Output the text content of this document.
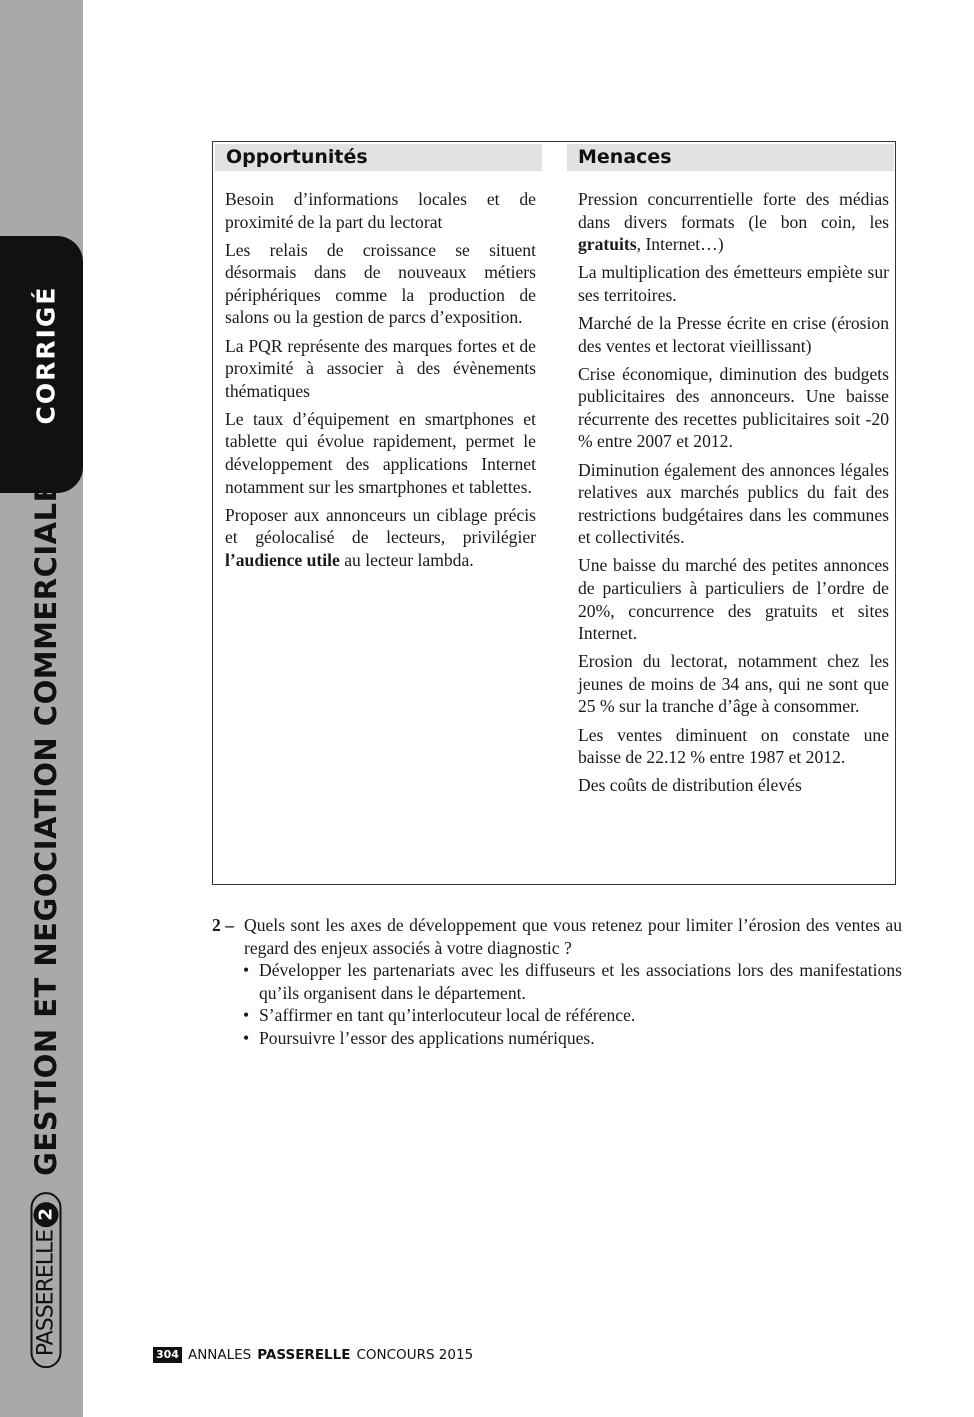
CORRIGÉ
GESTION ET NEGOCIATION COMMERCIALE
PASSERELLE
2
Opportunités	Menaces

Besoin d’informations locales et de proximité de la part du lectorat

Les relais de croissance se situent désormais dans de nouveaux métiers périphériques comme la production de salons ou la gestion de parcs d’exposition.

La PQR représente des marques fortes et de proximité à associer à des évènements thématiques

Le taux d’équipement en smartphones et tablette qui évolue rapidement, permet le développement des applications Internet notamment sur les smartphones et tablettes.

Proposer aux annonceurs un ciblage précis et géolocalisé de lecteurs, privilégier l’audience utile au lecteur lambda.

Pression concurrentielle forte des médias dans divers formats (le bon coin, les gratuits, Internet…)

La multiplication des émetteurs empiète sur ses territoires.

Marché de la Presse écrite en crise (érosion des ventes et lectorat vieillissant)

Crise économique, diminution des budgets publicitaires des annonceurs. Une baisse récurrente des recettes publicitaires soit -20 % entre 2007 et 2012.

Diminution également des annonces légales relatives aux marchés publics du fait des restrictions budgétaires dans les communes et collectivités.

Une baisse du marché des petites annonces de particuliers à particuliers de l’ordre de 20%, concurrence des gratuits et sites Internet.

Erosion du lectorat, notamment chez les jeunes de moins de 34 ans, qui ne sont que 25 % sur la tranche d’âge à consommer.

Les ventes diminuent on constate une baisse de 22.12 % entre 1987 et 2012.

Des coûts de distribution élevés

2 – Quels sont les axes de développement que vous retenez pour limiter l’érosion des ventes au regard des enjeux associés à votre diagnostic ?
• Développer les partenariats avec les diffuseurs et les associations lors des manifestations qu’ils organisent dans le département.
• S’affirmer en tant qu’interlocuteur local de référence.
• Poursuivre l’essor des applications numériques.
304 ANNALES PASSERELLE CONCOURS 2015
